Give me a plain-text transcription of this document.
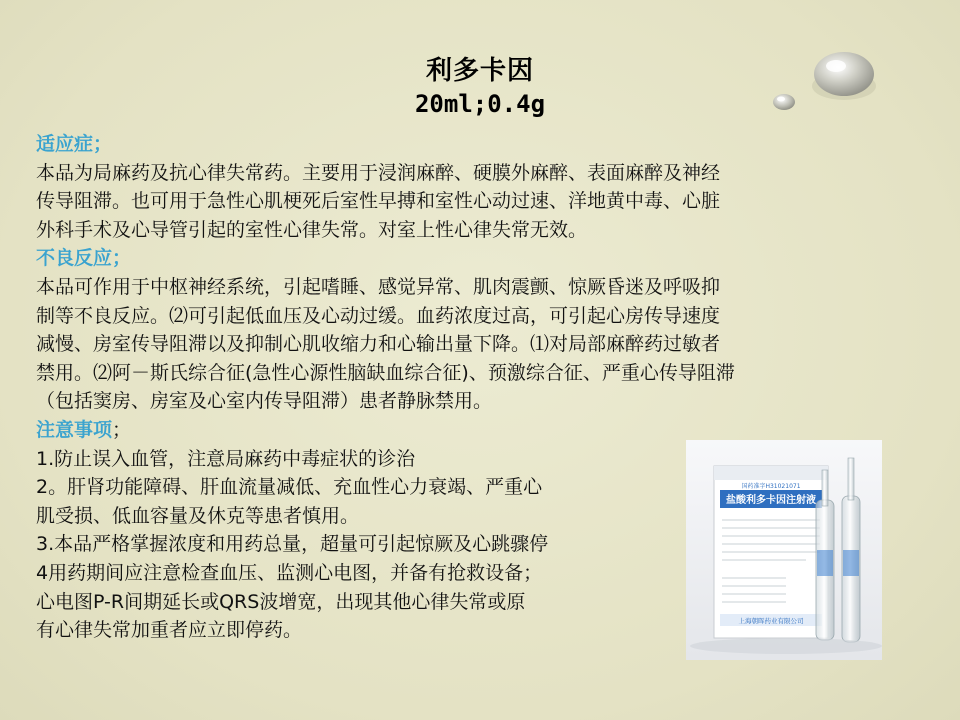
利多卡因
20ml;0.4g
适应症；
本品为局麻药及抗心律失常药。主要用于浸润麻醉、硬膜外麻醉、表面麻醉及神经
传导阻滞。也可用于急性心肌梗死后室性早搏和室性心动过速、洋地黄中毒、心脏
外科手术及心导管引起的室性心律失常。对室上性心律失常无效。
不良反应；
本品可作用于中枢神经系统，引起嗜睡、感觉异常、肌肉震颤、惊厥昏迷及呼吸抑
制等不良反应。⑵可引起低血压及心动过缓。血药浓度过高，可引起心房传导速度
减慢、房室传导阻滞以及抑制心肌收缩力和心输出量下降。⑴对局部麻醉药过敏者
禁用。⑵阿－斯氏综合征(急性心源性脑缺血综合征)、预激综合征、严重心传导阻滞
（包括窦房、房室及心室内传导阻滞）患者静脉禁用。
注意事项；
1.防止误入血管，注意局麻药中毒症状的诊治
2。肝肾功能障碍、肝血流量减低、充血性心力衰竭、严重心
肌受损、低血容量及休克等患者慎用。
3.本品严格掌握浓度和用药总量，超量可引起惊厥及心跳骤停
4用药期间应注意检查血压、监测心电图，并备有抢救设备；
心电图P-R间期延长或QRS波增宽，出现其他心律失常或原
有心律失常加重者应立即停药。
国药准字H31021071
盐酸利多卡因注射液
上海朝晖药业有限公司
